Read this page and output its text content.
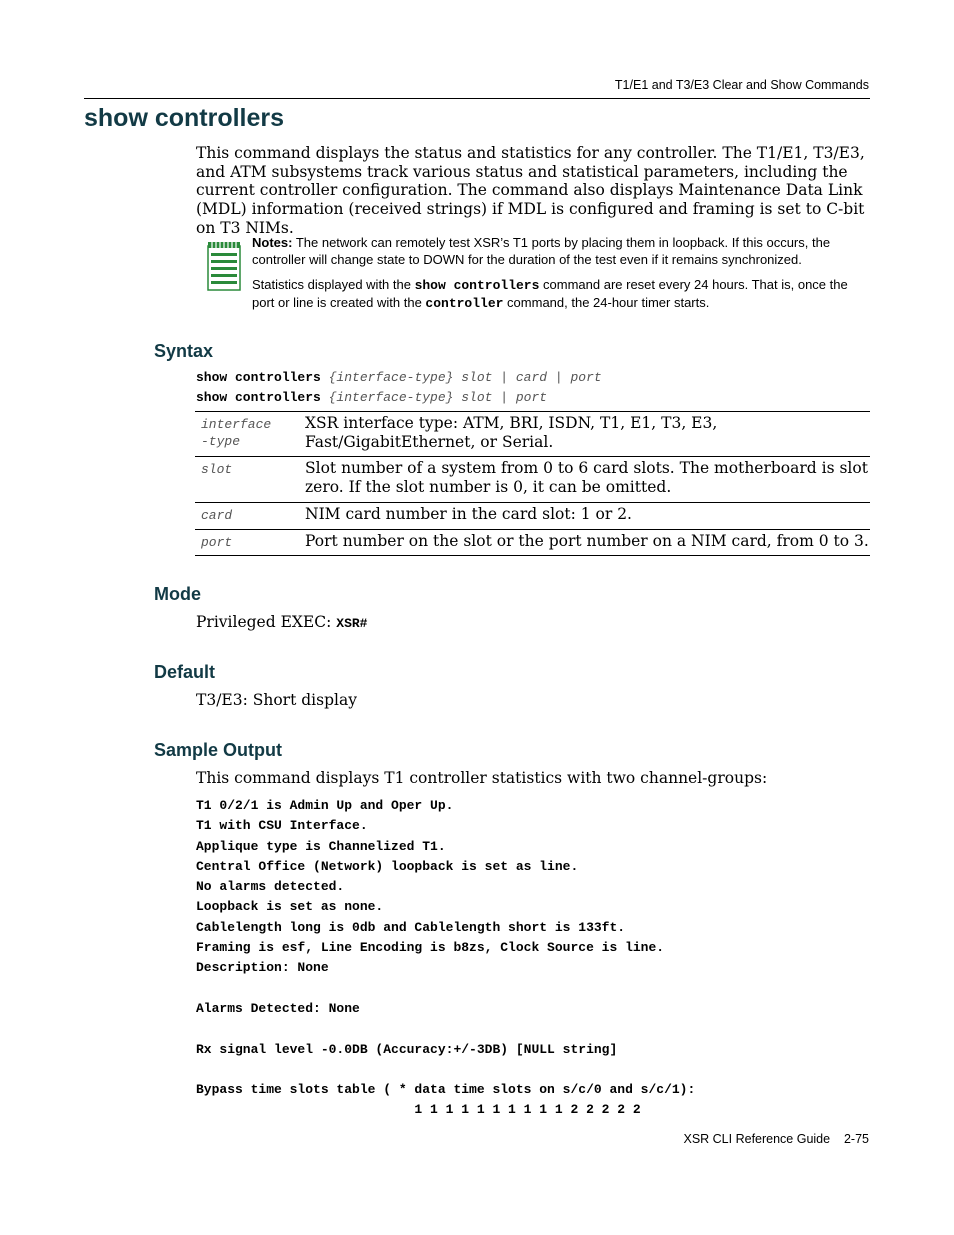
T1/E1 and T3/E3 Clear and Show Commands
show controllers
This command displays the status and statistics for any controller. The T1/E1, T3/E3, and ATM subsystems track various status and statistical parameters, including the current controller configuration. The command also displays Maintenance Data Link (MDL) information (received strings) if MDL is configured and framing is set to C-bit on T3 NIMs.

Notes: The network can remotely test XSR’s T1 ports by placing them in loopback. If this occurs, the controller will change state to DOWN for the duration of the test even if it remains synchronized.

Statistics displayed with the show controllers command are reset every 24 hours. That is, once the port or line is created with the controller command, the 24-hour timer starts.

Syntax
show controllers {interface-type} slot | card | port
show controllers {interface-type} slot | port
interface
-type	XSR interface type: ATM, BRI, ISDN, T1, E1, T3, E3, Fast/GigabitEthernet, or Serial.
slot	Slot number of a system from 0 to 6 card slots. The motherboard is slot zero. If the slot number is 0, it can be omitted.
card	NIM card number in the card slot: 1 or 2.
port	Port number on the slot or the port number on a NIM card, from 0 to 3.
Mode
Privileged EXEC: XSR#
Default
T3/E3: Short display
Sample Output
This command displays T1 controller statistics with two channel-groups:
T1 0/2/1 is Admin Up and Oper Up.
T1 with CSU Interface.
Applique type is Channelized T1.
Central Office (Network) loopback is set as line.
No alarms detected.
Loopback is set as none.
Cablelength long is 0db and Cablelength short is 133ft.
Framing is esf, Line Encoding is b8zs, Clock Source is line.
Description: None

Alarms Detected: None

Rx signal level -0.0DB (Accuracy:+/-3DB) [NULL string]

Bypass time slots table ( * data time slots on s/c/0 and s/c/1):
1 1 1 1 1 1 1 1 1 1 2 2 2 2 2
XSR CLI Reference Guide    2-75
